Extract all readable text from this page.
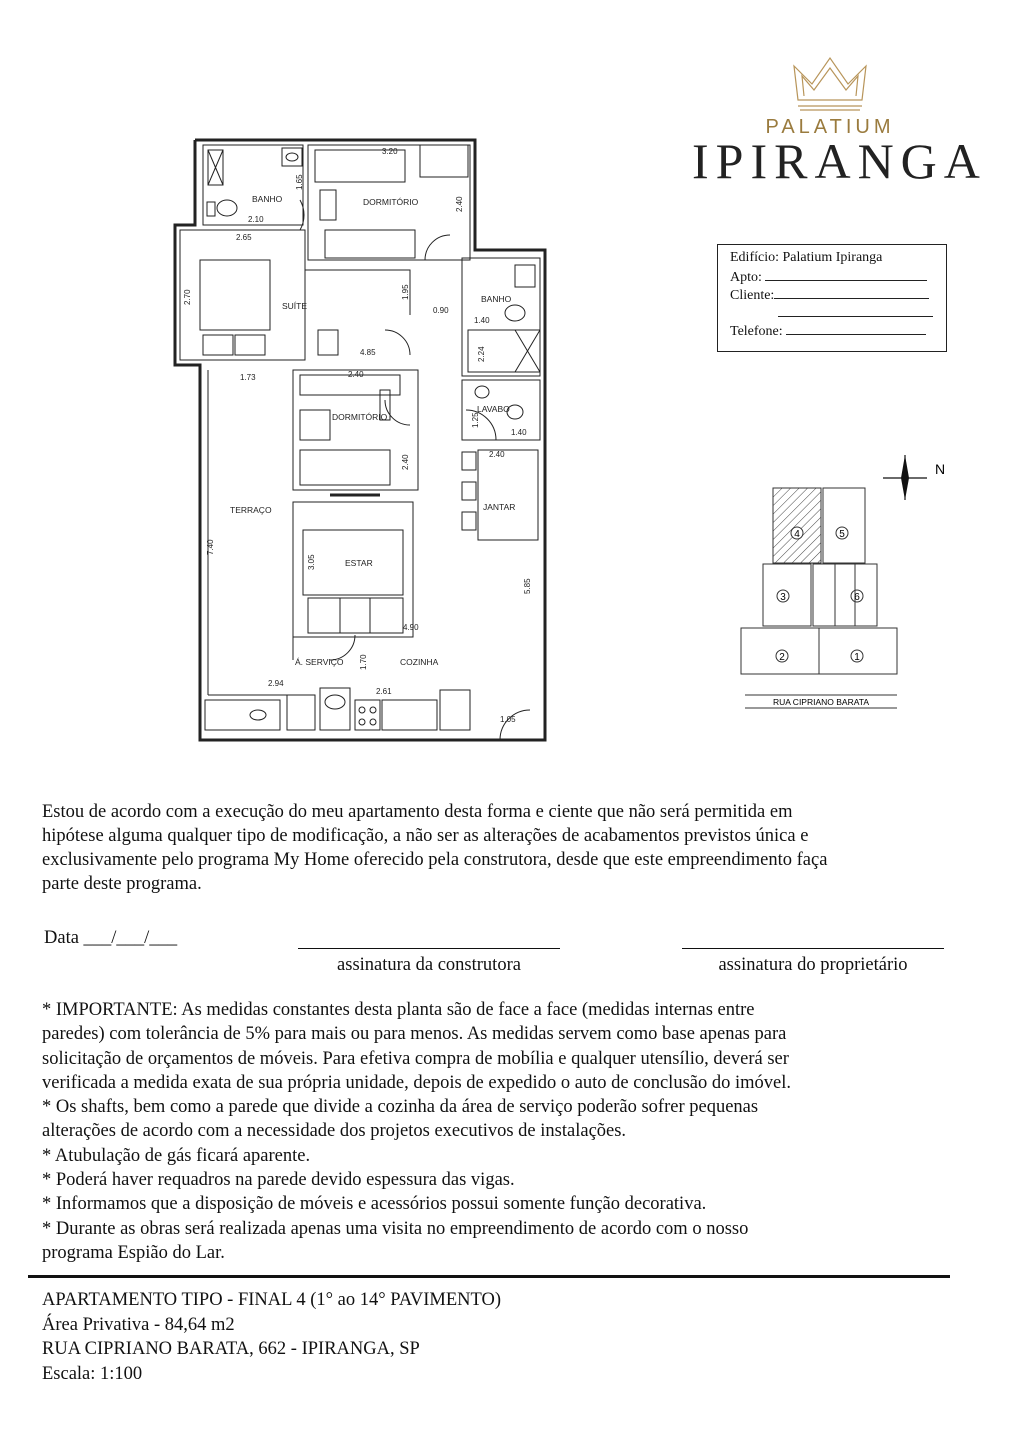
BANHO	DORMITÓRIO
SUÍTE
BANHO
LAVABO
DORMITÓRIO
JANTAR
TERRAÇO
ESTAR
Á. SERVIÇO	COZINHA
3.20
1.65
2.10
2.65
2.40
2.70	1.95
0.90
1.40
4.85	2.24
1.73	2.40
1.25
1.40
2.40	2.40
7.40
3.05
5.85
4.90
1.70
2.94
2.61
1.05
PALATIUM
IPIRANGA
Edifício: Palatium Ipiranga
Apto:
Cliente:
Telefone:
N
4	5
3	6
2	1
RUA CIPRIANO BARATA
Estou de acordo com a execução do meu apartamento desta forma e ciente que não será permitida em
hipótese alguma qualquer tipo de modificação, a não ser as alterações de acabamentos previstos única e
exclusivamente pelo programa My Home oferecido pela construtora, desde que este empreendimento faça
parte deste programa.
Data ___/___/___
assinatura da construtora	assinatura do proprietário
* IMPORTANTE: As medidas constantes desta planta são de face a face (medidas internas entre
paredes) com tolerância de 5% para mais ou para menos. As medidas servem como base apenas para
solicitação de orçamentos de móveis. Para efetiva compra de mobília e qualquer utensílio, deverá ser
verificada a medida exata de sua própria unidade, depois de expedido o auto de conclusão do imóvel.
* Os shafts, bem como a parede que divide a cozinha da área de serviço poderão sofrer pequenas
alterações de acordo com a necessidade dos projetos executivos de instalações.
* Atubulação de gás ficará aparente.
* Poderá haver requadros na parede devido espessura das vigas.
* Informamos que a disposição de móveis e acessórios possui somente função decorativa.
* Durante as obras será realizada apenas uma visita no empreendimento de acordo com o nosso
programa Espião do Lar.
APARTAMENTO TIPO - FINAL 4 (1° ao 14° PAVIMENTO)
Área Privativa - 84,64 m2
RUA CIPRIANO BARATA, 662 - IPIRANGA, SP
Escala: 1:100
